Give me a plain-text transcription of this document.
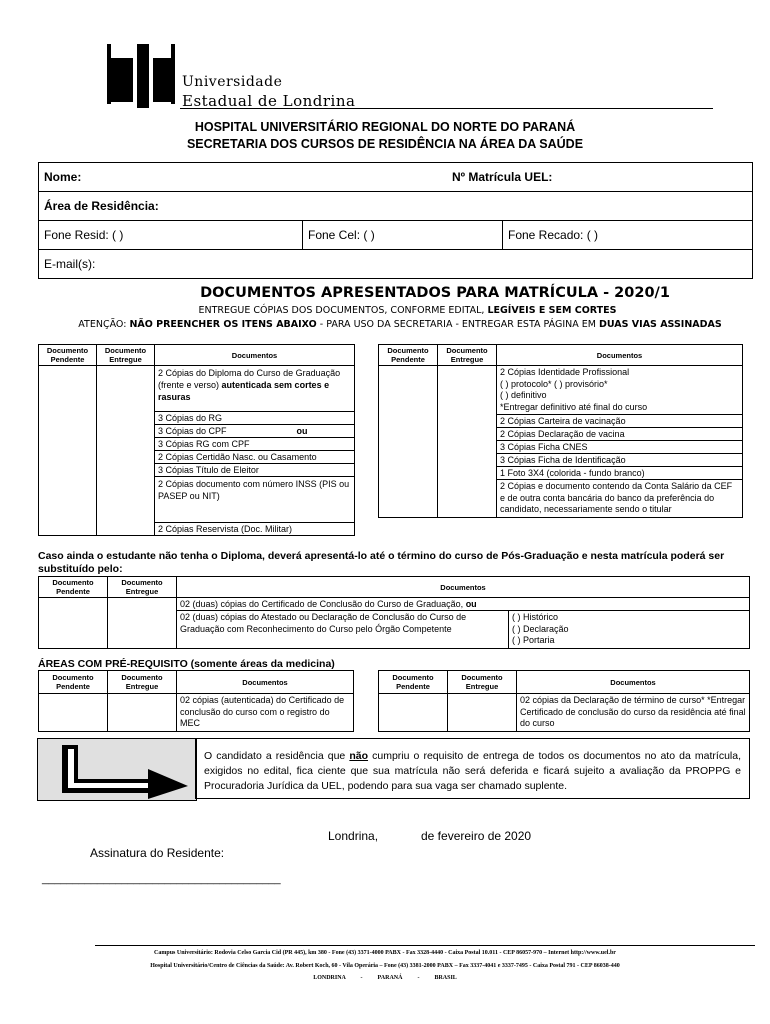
Universidade
Estadual de Londrina
HOSPITAL UNIVERSITÁRIO REGIONAL DO NORTE DO PARANÁ
SECRETARIA DOS CURSOS DE RESIDÊNCIA NA ÁREA DA SAÚDE
Nome:	Nº Matrícula UEL:
Área de Residência:
Fone Resid: ( )	Fone Cel: ( )	Fone Recado: ( )
E-mail(s):
DOCUMENTOS APRESENTADOS PARA MATRÍCULA - 2020/1
ENTREGUE CÓPIAS DOS DOCUMENTOS, CONFORME EDITAL, LEGÍVEIS E SEM CORTES
ATENÇÃO: NÃO PREENCHER OS ITENS ABAIXO - PARA USO DA SECRETARIA - ENTREGAR ESTA PÁGINA EM DUAS VIAS ASSINADAS
Documento Pendente	Documento Entregue	Documentos
		2 Cópias do Diploma do Curso de Graduação (frente e verso) autenticada sem cortes e rasuras
		3 Cópias do RG
		3 Cópias do CPF ou
		3 Cópias RG com CPF
		2 Cópias Certidão Nasc. ou Casamento
		3 Cópias Título de Eleitor
		2 Cópias documento com número INSS (PIS ou PASEP ou NIT)
		2 Cópias Reservista (Doc. Militar)
Documento Pendente	Documento Entregue	Documentos
		2 Cópias Identidade Profissional
( ) protocolo* ( ) provisório*
( ) definitivo
*Entregar definitivo até final do curso
		2 Cópias Carteira de vacinação
		2 Cópias Declaração de vacina
		3 Cópias Ficha CNES
		3 Cópias Ficha de Identificação
		1 Foto 3X4 (colorida - fundo branco)
		2 Cópias e documento contendo da Conta Salário da CEF e de outra conta bancária do banco da preferência do candidato, necessariamente sendo o titular
Caso ainda o estudante não tenha o Diploma, deverá apresentá-lo até o término do curso de Pós-Graduação e nesta matrícula poderá ser substituído pelo:
Documento Pendente	Documento Entregue	Documentos	
		02 (duas) cópias do Certificado de Conclusão do Curso de Graduação, ou	
		02 (duas) cópias do Atestado ou Declaração de Conclusão do Curso de Graduação com Reconhecimento do Curso pelo Órgão Competente	( ) Histórico
( ) Declaração
( ) Portaria
ÁREAS COM PRÉ-REQUISITO (somente áreas da medicina)
Documento Pendente	Documento Entregue	Documentos
		02 cópias (autenticada) do Certificado de conclusão do curso com o registro do MEC
Documento Pendente	Documento Entregue	Documentos
		02 cópias da Declaração de término de curso* *Entregar Certificado de conclusão do curso da residência até final do curso
O candidato a residência que não cumpriu o requisito de entrega de todos os documentos no ato da matrícula, exigidos no edital, fica ciente que sua matrícula não será deferida e ficará sujeito a avaliação da PROPPG e Procuradoria Jurídica da UEL, podendo para sua vaga ser chamado suplente.
Londrina,	de fevereiro de 2020
Assinatura do Residente:
_______________________________________
Campus Universitário: Rodovia Celso Garcia Cid (PR 445), km 380 - Fone (43) 3371-4000 PABX - Fax 3328-4440 - Caixa Postal 10.011 - CEP 86057-970 – Internet http://www.uel.br
Hospital Universitário/Centro de Ciências da Saúde: Av. Robert Koch, 60 - Vila Operária – Fone (43) 3381-2000 PABX – Fax 3337-4041 e 3337-7495 - Caixa Postal 791 - CEP 86038-440
LONDRINA          -          PARANÁ          -          BRASIL
